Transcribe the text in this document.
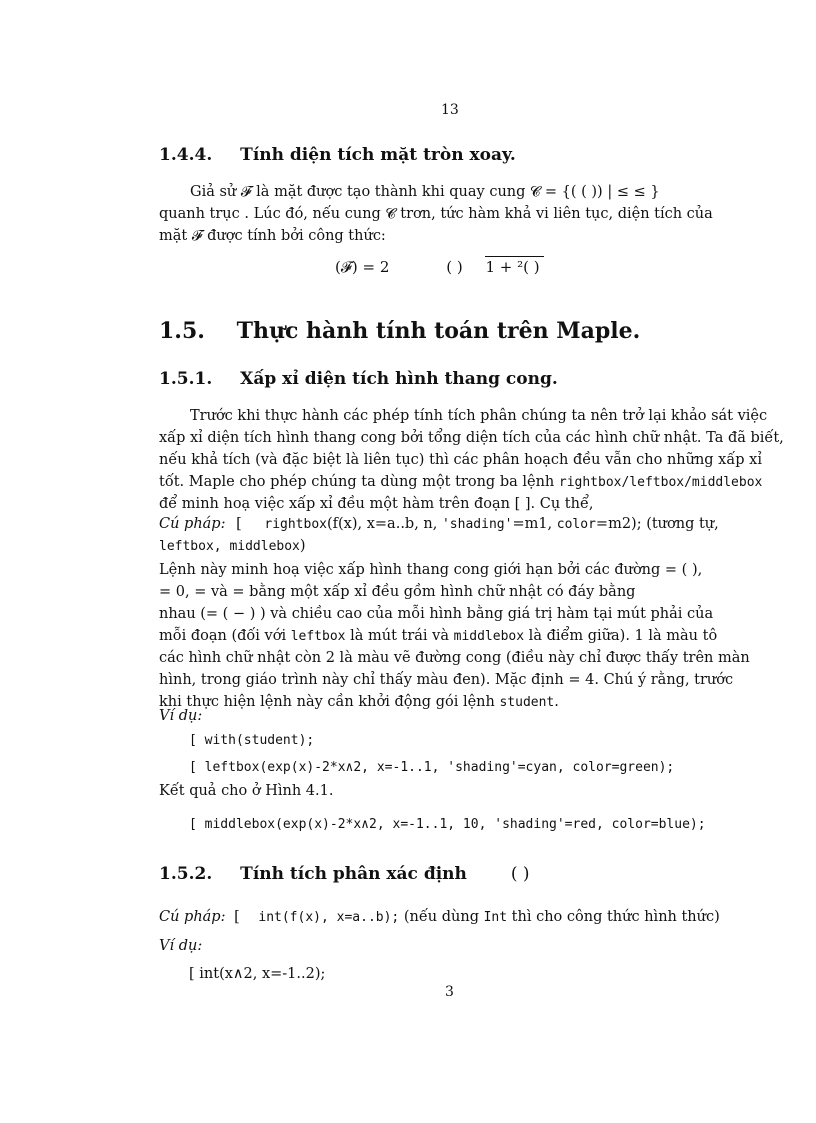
13
1.4.4. Tính diện tích mặt tròn xoay.
Giả sử 𝓕 là mặt được tạo thành khi quay cung 𝓒 = {( ( )) | ≤ ≤ }
quanh trục . Lúc đó, nếu cung 𝓒 trơn, tức hàm khả vi liên tục, diện tích của
mặt 𝓕 được tính bởi công thức:
(𝓕) = 2	( ) 1 + ²( )
1.5. Thực hành tính toán trên Maple.
1.5.1. Xấp xỉ diện tích hình thang cong.
Trước khi thực hành các phép tính tích phân chúng ta nên trở lại khảo sát việc
xấp xỉ diện tích hình thang cong bởi tổng diện tích của các hình chữ nhật. Ta đã biết,
nếu khả tích (và đặc biệt là liên tục) thì các phân hoạch đều vẫn cho những xấp xỉ
tốt. Maple cho phép chúng ta dùng một trong ba lệnh rightbox/leftbox/middlebox
để minh hoạ việc xấp xỉ đều một hàm trên đoạn [ ]. Cụ thể,
Cú pháp: [ rightbox(f(x), x=a..b, n, 'shading'=m1, color=m2); (tương tự,
leftbox, middlebox)
Lệnh này minh hoạ việc xấp hình thang cong giới hạn bởi các đường = ( ),
= 0, = và = bằng một xấp xỉ đều gồm hình chữ nhật có đáy bằng
nhau (= ( − ) ) và chiều cao của mỗi hình bằng giá trị hàm tại mút phải của
mỗi đoạn (đối với leftbox là mút trái và middlebox là điểm giữa). 1 là màu tô
các hình chữ nhật còn 2 là màu vẽ đường cong (điều này chỉ được thấy trên màn
hình, trong giáo trình này chỉ thấy màu đen). Mặc định = 4. Chú ý rằng, trước
khi thực hiện lệnh này cần khởi động gói lệnh student.
Ví dụ:
[ with(student);
[ leftbox(exp(x)-2*x∧2, x=-1..1, 'shading'=cyan, color=green);
Kết quả cho ở Hình 4.1.
[ middlebox(exp(x)-2*x∧2, x=-1..1, 10, 'shading'=red, color=blue);
1.5.2. Tính tích phân xác định	( )
Cú pháp: [ int(f(x), x=a..b); (nếu dùng Int thì cho công thức hình thức)
Ví dụ:
[ int(x∧2, x=-1..2);
3
